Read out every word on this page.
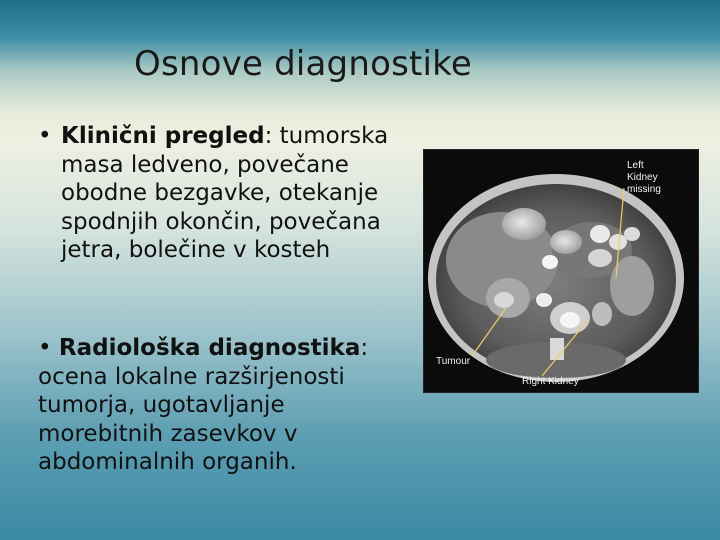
Osnove diagnostike
• Klinični pregled: tumorska
masa ledveno, povečane
obodne bezgavke, otekanje
spodnjih okončin, povečana
jetra, bolečine v kosteh
• Radiološka diagnostika:
ocena lokalne razširjenosti
tumorja, ugotavljanje
morebitnih zasevkov v
abdominalnih organih.
Left
Kidney
missing
Tumour
Right Kidney
